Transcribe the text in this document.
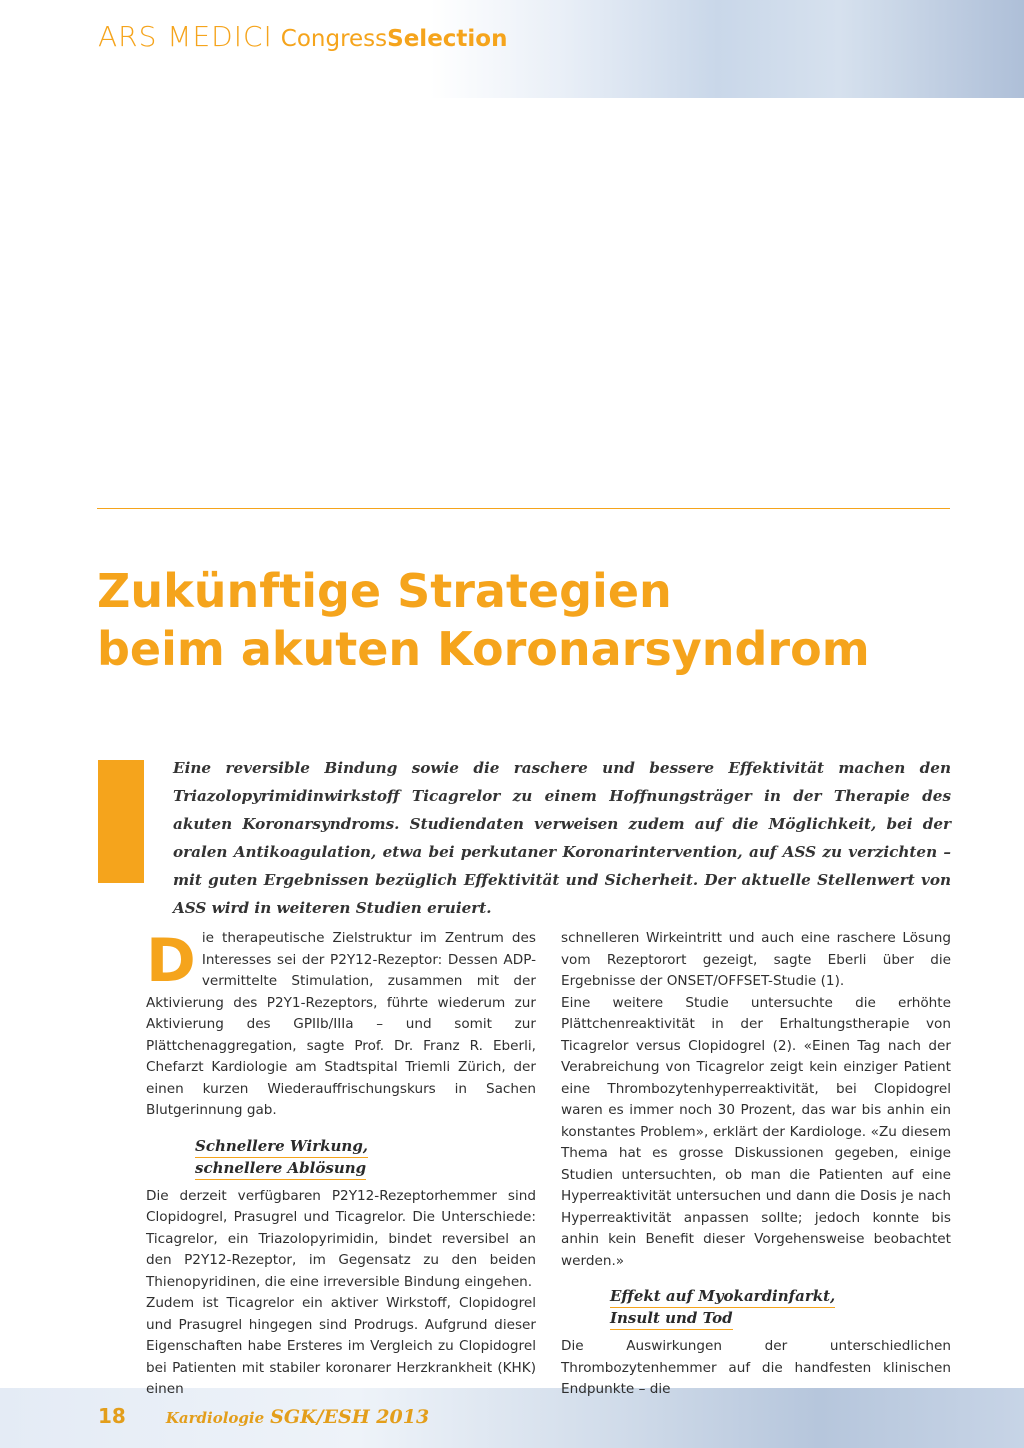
ARS MEDICI Congress Selection
Zukünftige Strategien
beim akuten Koronarsyndrom

Eine reversible Bindung sowie die raschere und bessere Effektivität machen den Triazolopyrimidinwirkstoff Ticagrelor zu einem Hoffnungsträger in der Therapie des akuten Koronarsyndroms. Studiendaten verweisen zudem auf die Möglichkeit, bei der oralen Antikoagulation, etwa bei perkutaner Koronarintervention, auf ASS zu verzichten – mit guten Ergebnissen bezüglich Effektivität und Sicherheit. Der aktuelle Stellenwert von ASS wird in weiteren Studien eruiert.

Die therapeutische Zielstruktur im Zentrum des Interesses sei der P2Y12-Rezeptor: Dessen ADP-vermittelte Stimulation, zusammen mit der Aktivierung des P2Y1-Rezeptors, führte wiederum zur Aktivierung des GPIIb/IIIa – und somit zur Plättchenaggregation, sagte Prof. Dr. Franz R. Eberli, Chefarzt Kardiologie am Stadtspital Triemli Zürich, der einen kurzen Wiederauffrischungskurs in Sachen Blutgerinnung gab.

Schnellere Wirkung,
schnellere Ablösung

Die derzeit verfügbaren P2Y12-Rezeptorhemmer sind Clopidogrel, Prasugrel und Ticagrelor. Die Unterschiede: Ticagrelor, ein Triazolopyrimidin, bindet reversibel an den P2Y12-Rezeptor, im Gegensatz zu den beiden Thienopyridinen, die eine irreversible Bindung eingehen.

Zudem ist Ticagrelor ein aktiver Wirkstoff, Clopidogrel und Prasugrel hingegen sind Prodrugs. Aufgrund dieser Eigenschaften habe Ersteres im Vergleich zu Clopidogrel bei Patienten mit stabiler koronarer Herzkrankheit (KHK) einen

schnelleren Wirkeintritt und auch eine raschere Lösung vom Rezeptorort gezeigt, sagte Eberli über die Ergebnisse der ONSET/OFFSET-Studie (1).

Eine weitere Studie untersuchte die erhöhte Plättchenreaktivität in der Erhaltungstherapie von Ticagrelor versus Clopidogrel (2). «Einen Tag nach der Verabreichung von Ticagrelor zeigt kein einziger Patient eine Thrombozytenhyperreaktivität, bei Clopidogrel waren es immer noch 30 Prozent, das war bis anhin ein konstantes Problem», erklärt der Kardiologe. «Zu diesem Thema hat es grosse Diskussionen gegeben, einige Studien untersuchten, ob man die Patienten auf eine Hyperreaktivität untersuchen und dann die Dosis je nach Hyperreaktivität anpassen sollte; jedoch konnte bis anhin kein Benefit dieser Vorgehensweise beobachtet werden.»

Effekt auf Myokardinfarkt,
Insult und Tod

Die Auswirkungen der unterschiedlichen Thrombozytenhemmer auf die handfesten klinischen Endpunkte – die

18	Kardiologie SGK/ESH 2013
